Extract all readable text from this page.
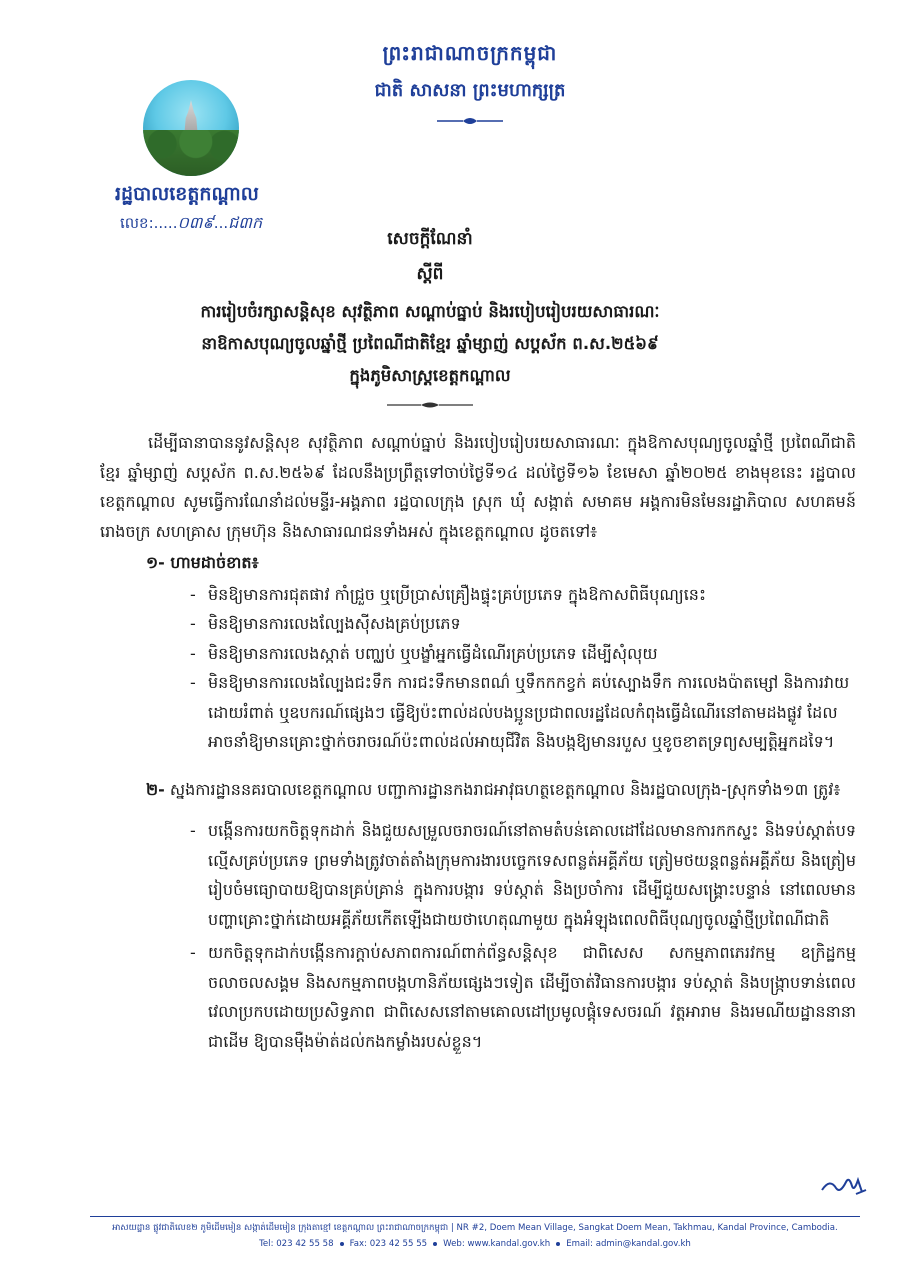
ព្រះរាជាណាចក្រកម្ពុជា
ជាតិ សាសនា ព្រះមហាក្សត្រ
រដ្ឋបាលខេត្តកណ្ដាល
លេខ:.....០៣៩...ជ៣ក
សេចក្ដីណែនាំ
ស្ដីពី
ការរៀបចំរក្សាសន្តិសុខ សុវត្ថិភាព សណ្ដាប់ធ្នាប់ និងរបៀបរៀបរយសាធារណៈ
នាឱកាសបុណ្យចូលឆ្នាំថ្មី ប្រពៃណីជាតិខ្មែរ ឆ្នាំម្សាញ់ សប្តស័ក ព.ស.២៥៦៩
ក្នុងភូមិសាស្ត្រខេត្តកណ្ដាល

ដើម្បីធានាបាននូវសន្តិសុខ សុវត្ថិភាព សណ្ដាប់ធ្នាប់ និងរបៀបរៀបរយសាធារណៈ ក្នុងឱកាសបុណ្យចូលឆ្នាំថ្មី ប្រពៃណីជាតិខ្មែរ ឆ្នាំម្សាញ់ សប្តស័ក ព.ស.២៥៦៩ ដែលនឹងប្រព្រឹត្តទៅចាប់ថ្ងៃទី១៤ ដល់ថ្ងៃទី១៦ ខែមេសា ឆ្នាំ២០២៥ ខាងមុខនេះ រដ្ឋបាលខេត្តកណ្ដាល សូមធ្វើការណែនាំដល់មន្ទីរ-អង្គភាព រដ្ឋបាលក្រុង ស្រុក ឃុំ សង្កាត់ សមាគម អង្គការមិនមែនរដ្ឋាភិបាល សហគមន៍ រោងចក្រ សហគ្រាស ក្រុមហ៊ុន និងសាធារណជនទាំងអស់ ក្នុងខេត្តកណ្ដាល ដូចតទៅ៖

១- ហាមដាច់ខាត៖
- មិនឱ្យមានការជុតផាវ កាំជ្រួច ឬប្រើប្រាស់គ្រឿងផ្ទុះគ្រប់ប្រភេទ ក្នុងឱកាសពិធីបុណ្យនេះ
- មិនឱ្យមានការលេងល្បែងស៊ីសងគ្រប់ប្រភេទ
- មិនឱ្យមានការលេងស្កាត់ បញ្ឈប់ ឬបង្ខាំអ្នកធ្វើដំណើរគ្រប់ប្រភេទ ដើម្បីសុំលុយ
- មិនឱ្យមានការលេងល្បែងជះទឹក ការជះទឹកមានពណ៌ ឬទឹកកកខ្វក់ គប់ស្បោងទឹក ការលេងប៉ាតម្សៅ និងការវាយដោយរំពាត់ ឬឧបករណ៍ផ្សេងៗ ធ្វើឱ្យប៉ះពាល់ដល់បងប្អូនប្រជាពលរដ្ឋដែលកំពុងធ្វើដំណើរនៅតាមដងផ្លូវ ដែលអាចនាំឱ្យមានគ្រោះថ្នាក់ចរាចរណ៍ប៉ះពាល់ដល់អាយុជីវិត និងបង្កឱ្យមានរបួស ឬខូចខាតទ្រព្យសម្បត្តិអ្នកដទៃ។
២- ស្នងការដ្ឋាននគរបាលខេត្តកណ្ដាល បញ្ជាការដ្ឋានកងរាជអាវុធហត្ថខេត្តកណ្ដាល និងរដ្ឋបាលក្រុង-ស្រុកទាំង១៣ ត្រូវ៖
- បង្កើនការយកចិត្តទុកដាក់ និងជួយសម្រួលចរាចរណ៍នៅតាមតំបន់គោលដៅដែលមានការកកស្ទះ និងទប់ស្កាត់បទល្មើសគ្រប់ប្រភេទ ព្រមទាំងត្រូវចាត់តាំងក្រុមការងារបច្ចេកទេសពន្លត់អគ្គីភ័យ ត្រៀមថយន្តពន្លត់អគ្គីភ័យ និងត្រៀមរៀបចំមធ្យោបាយឱ្យបានគ្រប់គ្រាន់ ក្នុងការបង្ការ ទប់ស្កាត់ និងប្រចាំការ ដើម្បីជួយសង្គ្រោះបន្ទាន់ នៅពេលមានបញ្ហាគ្រោះថ្នាក់ដោយអគ្គីភ័យកើតឡើងជាយថាហេតុណាមួយ ក្នុងអំឡុងពេលពិធីបុណ្យចូលឆ្នាំថ្មីប្រពៃណីជាតិ
- យកចិត្តទុកដាក់បង្កើនការក្ដាប់សភាពការណ៍ពាក់ព័ន្ធសន្តិសុខ ជាពិសេស សកម្មភាពភេរវកម្ម ឧក្រិដ្ឋកម្ម ចលាចលសង្គម និងសកម្មភាពបង្កហានិភ័យផ្សេងៗទៀត ដើម្បីចាត់វិធានការបង្ការ ទប់ស្កាត់ និងបង្រ្កាបទាន់ពេលវេលាប្រកបដោយប្រសិទ្ធភាព ជាពិសេសនៅតាមគោលដៅប្រមូលផ្ដុំទេសចរណ៍ វត្តអារាម និងរមណីយដ្ឋាននានាជាដើម ឱ្យបានម៉ឺងម៉ាត់ដល់កងកម្លាំងរបស់ខ្លួន។
អាសយដ្ឋាន ផ្លូវជាតិលេខ២ ភូមិដើមមៀន សង្កាត់ដើមមៀន ក្រុងតាខ្មៅ ខេត្តកណ្ដាល ព្រះរាជាណាចក្រកម្ពុជា | NR #2, Doem Mean Village, Sangkat Doem Mean, Takhmau, Kandal Province, Cambodia.
Tel: 023 42 55 58 Fax: 023 42 55 55 Web: www.kandal.gov.kh Email: admin@kandal.gov.kh
